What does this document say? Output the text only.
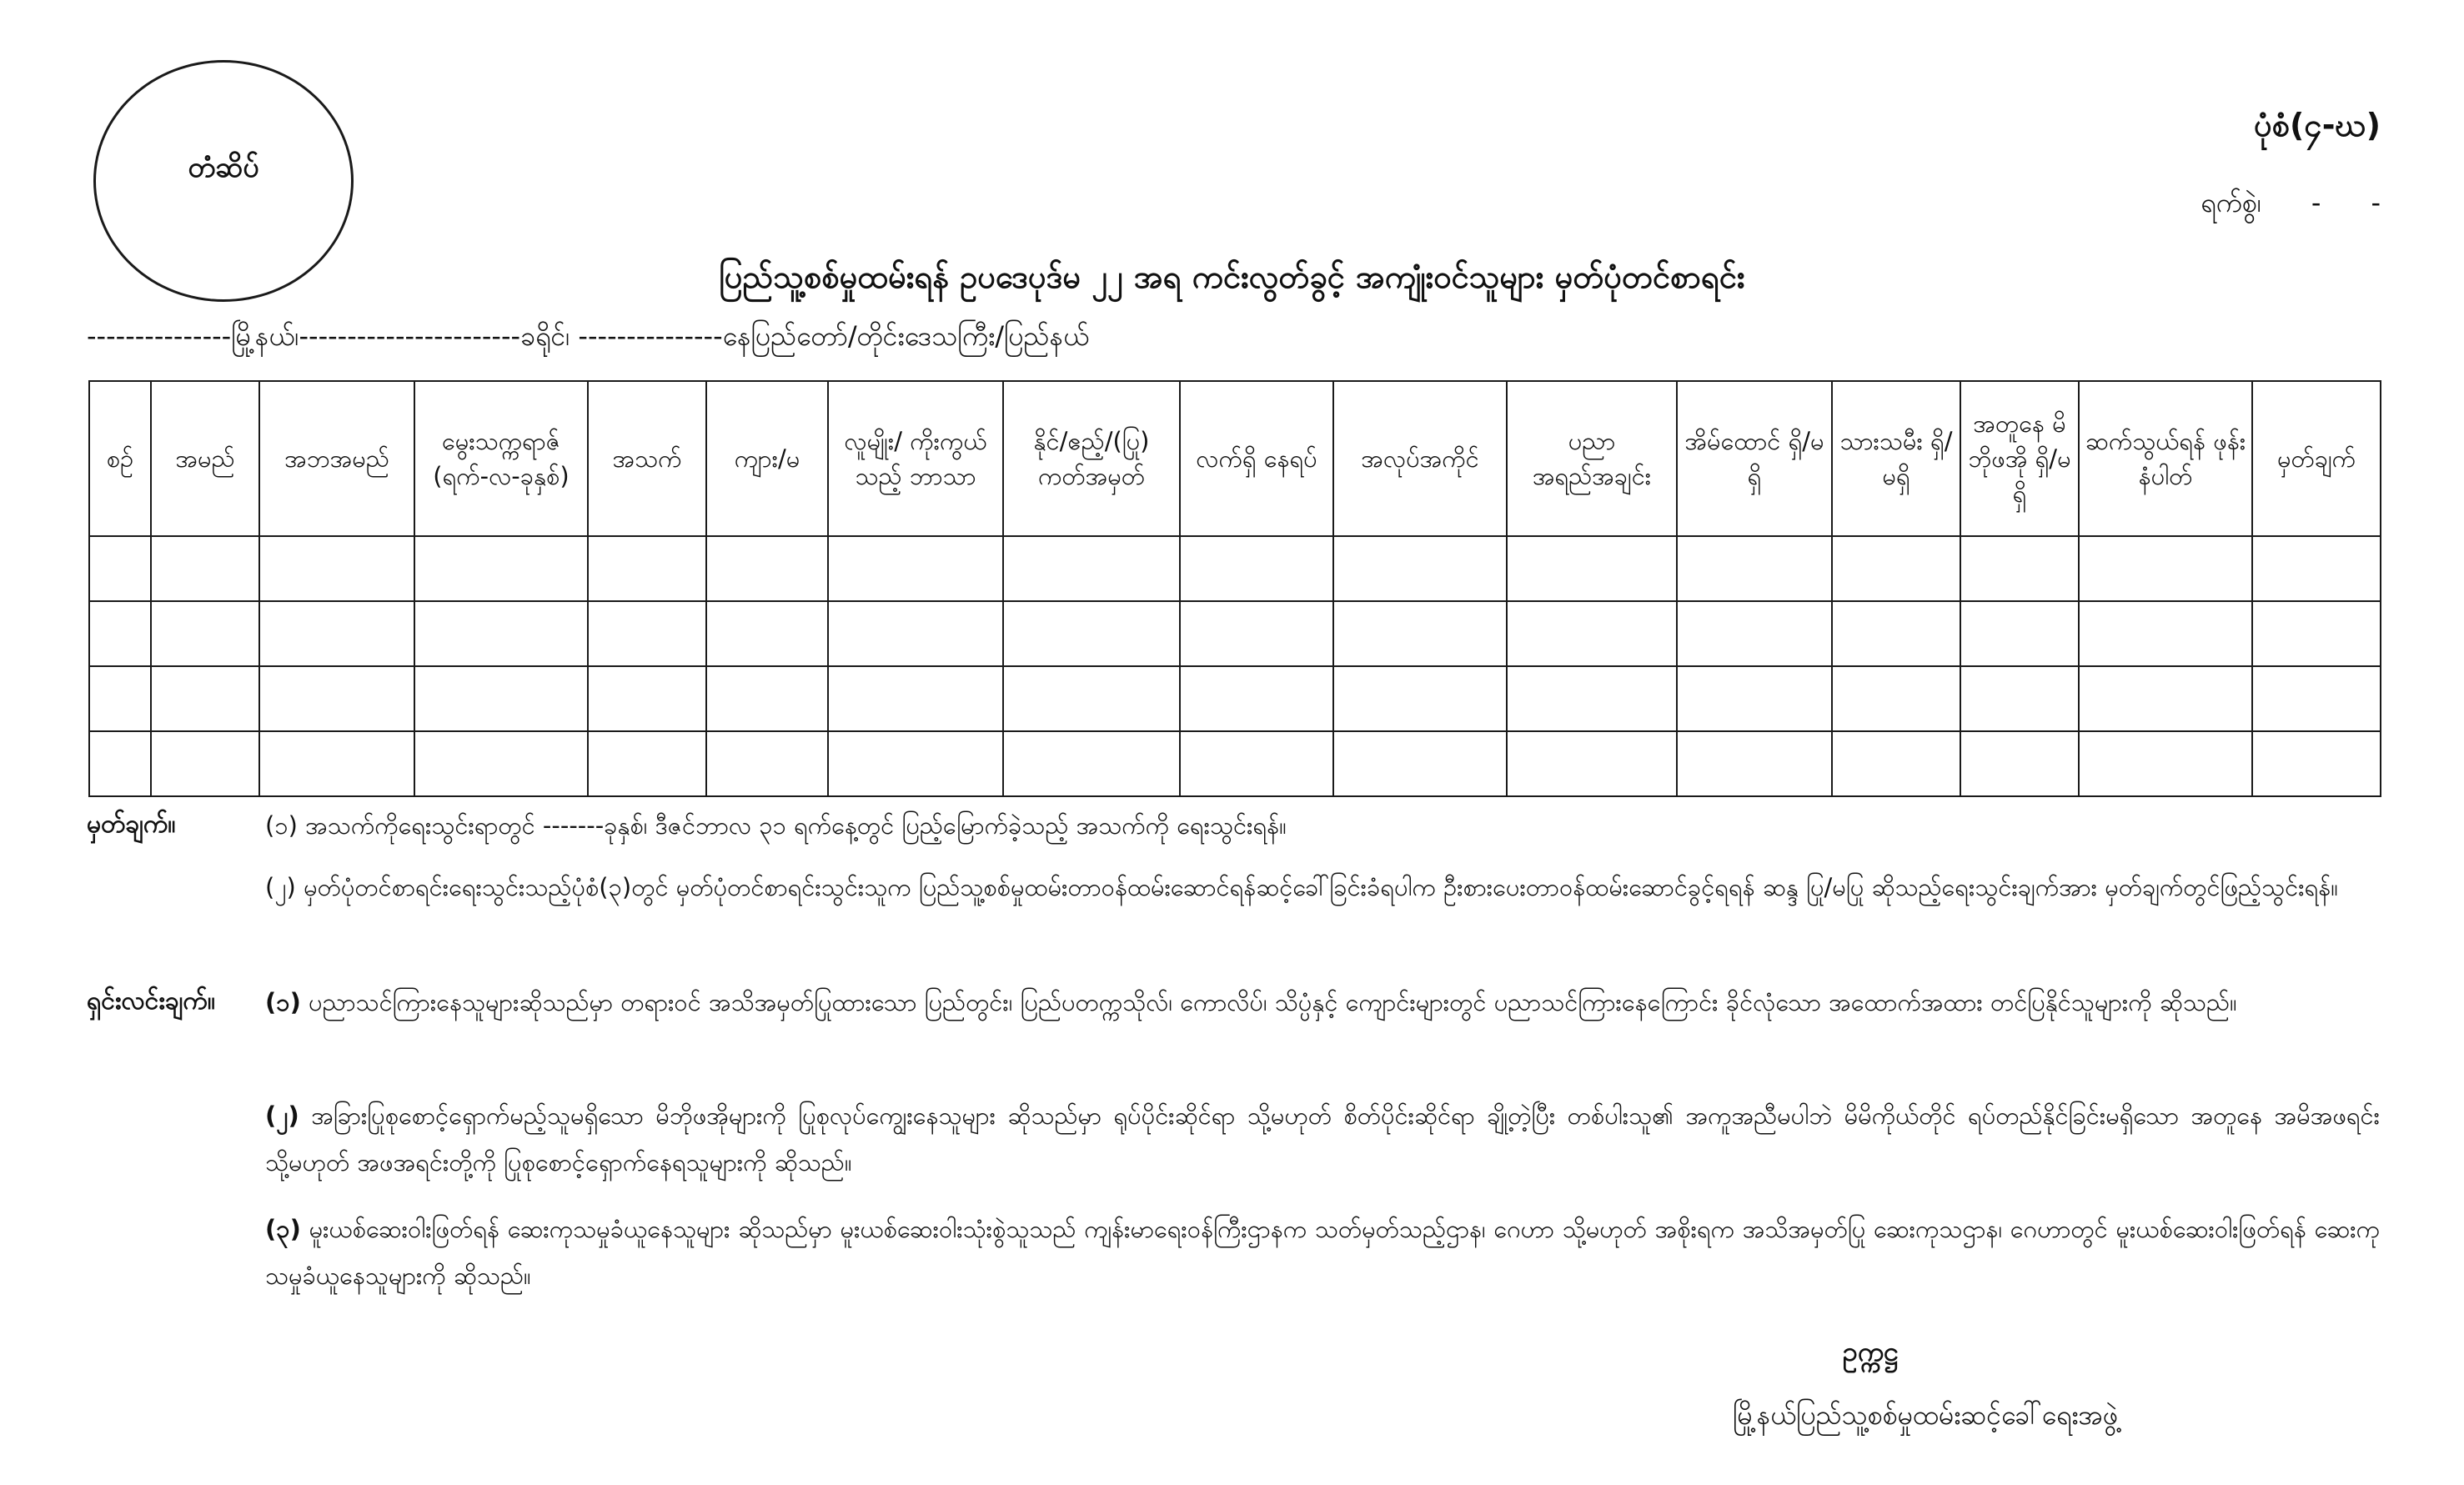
တံဆိပ်
ပုံစံ(၄-ဃ)
ရက်စွဲ၊ - -
ပြည်သူ့စစ်မှုထမ်းရန် ဥပဒေပုဒ်မ ၂၂ အရ ကင်းလွတ်ခွင့် အကျုံးဝင်သူများ မှတ်ပုံတင်စာရင်း
---------------မြို့နယ်၊-----------------------ခရိုင်၊ ---------------နေပြည်တော်/တိုင်းဒေသကြီး/ပြည်နယ်
စဉ်	အမည်	အဘအမည်	မွေးသက္ကရာဇ် (ရက်-လ-ခုနှစ်)	အသက်	ကျား/မ	လူမျိုး/ ကိုးကွယ်သည့် ဘာသာ	နိုင်/ဧည့်/(ပြု) ကတ်အမှတ်	လက်ရှိ နေရပ်	အလုပ်အကိုင်	ပညာ အရည်အချင်း	အိမ်ထောင် ရှိ/မရှိ	သားသမီး ရှိ/မရှိ	အတူနေ မိဘိုဖအို ရှိ/မရှိ	ဆက်သွယ်ရန် ဖုန်းနံပါတ်	မှတ်ချက်

မှတ်ချက်။	(၁) အသက်ကိုရေးသွင်းရာတွင် -------ခုနှစ်၊ ဒီဇင်ဘာလ ၃၁ ရက်နေ့တွင် ပြည့်မြောက်ခဲ့သည့် အသက်ကို ရေးသွင်းရန်။
(၂) မှတ်ပုံတင်စာရင်းရေးသွင်းသည့်ပုံစံ(၃)တွင် မှတ်ပုံတင်စာရင်းသွင်းသူက ပြည်သူ့စစ်မှုထမ်းတာဝန်ထမ်းဆောင်ရန်ဆင့်ခေါ်ခြင်းခံရပါက ဦးစားပေးတာဝန်ထမ်းဆောင်ခွင့်ရရန် ဆန္ဒ ပြု/မပြု ဆိုသည့်ရေးသွင်းချက်အား မှတ်ချက်တွင်ဖြည့်သွင်းရန်။
ရှင်းလင်းချက်။ (၁) ပညာသင်ကြားနေသူများဆိုသည်မှာ တရားဝင် အသိအမှတ်ပြုထားသော ပြည်တွင်း၊ ပြည်ပတက္ကသိုလ်၊ ကောလိပ်၊ သိပ္ပံနှင့် ကျောင်းများတွင် ပညာသင်ကြားနေကြောင်း ခိုင်လုံသော အထောက်အထား တင်ပြနိုင်သူများကို ဆိုသည်။
(၂) အခြားပြုစုစောင့်ရှောက်မည့်သူမရှိသော မိဘိုဖအိုများကို ပြုစုလုပ်ကျွေးနေသူများ ဆိုသည်မှာ ရုပ်ပိုင်းဆိုင်ရာ သို့မဟုတ် စိတ်ပိုင်းဆိုင်ရာ ချို့တဲ့ပြီး တစ်ပါးသူ၏ အကူအညီမပါဘဲ မိမိကိုယ်တိုင် ရပ်တည်နိုင်ခြင်းမရှိသော အတူနေ အမိအဖရင်း သို့မဟုတ် အဖအရင်းတို့ကို ပြုစုစောင့်ရှောက်နေရသူများကို ဆိုသည်။
(၃) မူးယစ်ဆေးဝါးဖြတ်ရန် ဆေးကုသမှုခံယူနေသူများ ဆိုသည်မှာ မူးယစ်ဆေးဝါးသုံးစွဲသူသည် ကျန်းမာရေးဝန်ကြီးဌာနက သတ်မှတ်သည့်ဌာန၊ ဂေဟာ သို့မဟုတ် အစိုးရက အသိအမှတ်ပြု ဆေးကုသဌာန၊ ဂေဟာတွင် မူးယစ်ဆေးဝါးဖြတ်ရန် ဆေးကုသမှုခံယူနေသူများကို ဆိုသည်။
ဥက္ကဋ္ဌ
မြို့နယ်ပြည်သူ့စစ်မှုထမ်းဆင့်ခေါ်ရေးအဖွဲ့
